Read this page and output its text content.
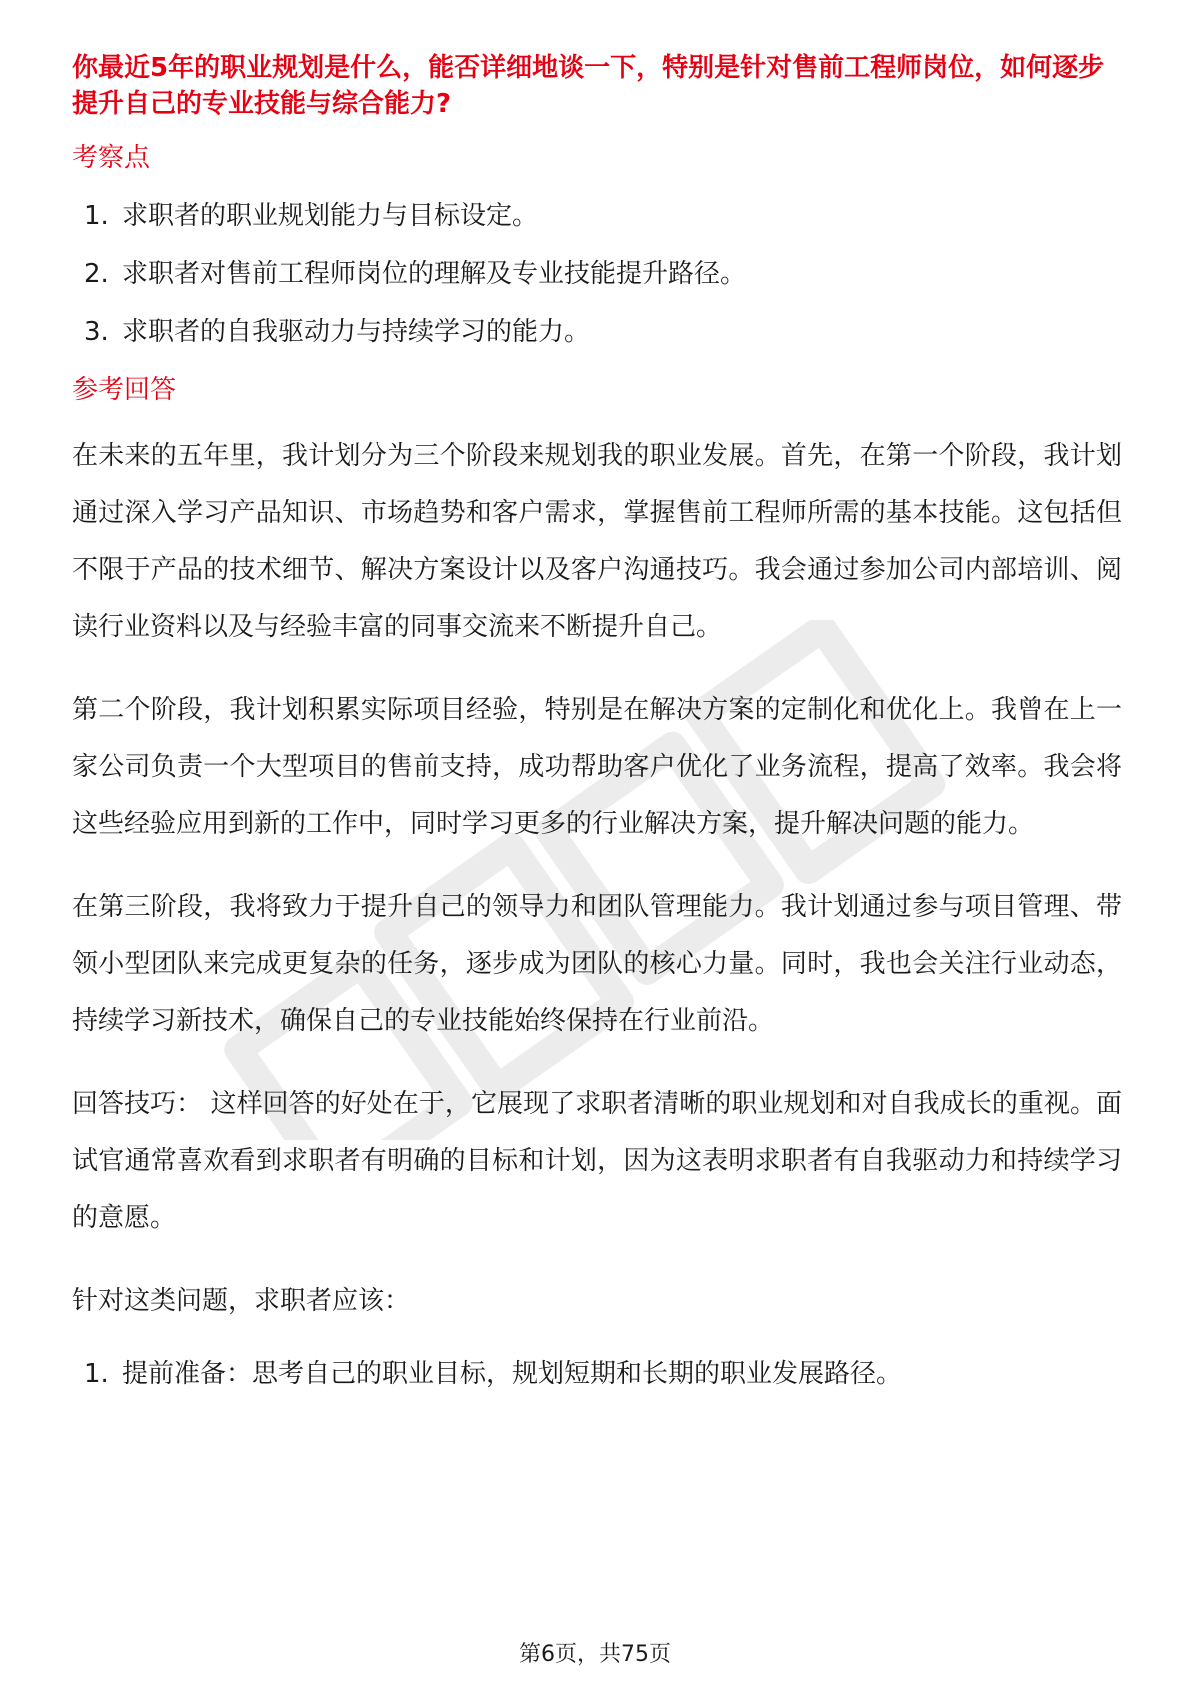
你最近5年的职业规划是什么，能否详细地谈一下，特别是针对售前工程师岗位，如何逐步提升自己的专业技能与综合能力?

考察点
1. 求职者的职业规划能力与目标设定。
2. 求职者对售前工程师岗位的理解及专业技能提升路径。
3. 求职者的自我驱动力与持续学习的能力。
参考回答

在未来的五年里，我计划分为三个阶段来规划我的职业发展。首先，在第一个阶段，我计划通过深入学习产品知识、市场趋势和客户需求，掌握售前工程师所需的基本技能。这包括但不限于产品的技术细节、解决方案设计以及客户沟通技巧。我会通过参加公司内部培训、阅读行业资料以及与经验丰富的同事交流来不断提升自己。

第二个阶段，我计划积累实际项目经验，特别是在解决方案的定制化和优化上。我曾在上一家公司负责一个大型项目的售前支持，成功帮助客户优化了业务流程，提高了效率。我会将这些经验应用到新的工作中，同时学习更多的行业解决方案，提升解决问题的能力。

在第三阶段，我将致力于提升自己的领导力和团队管理能力。我计划通过参与项目管理、带领小型团队来完成更复杂的任务，逐步成为团队的核心力量。同时，我也会关注行业动态，持续学习新技术，确保自己的专业技能始终保持在行业前沿。

回答技巧： 这样回答的好处在于，它展现了求职者清晰的职业规划和对自我成长的重视。面试官通常喜欢看到求职者有明确的目标和计划，因为这表明求职者有自我驱动力和持续学习的意愿。

针对这类问题，求职者应该：

1. 提前准备：思考自己的职业目标，规划短期和长期的职业发展路径。
第6页，共75页
